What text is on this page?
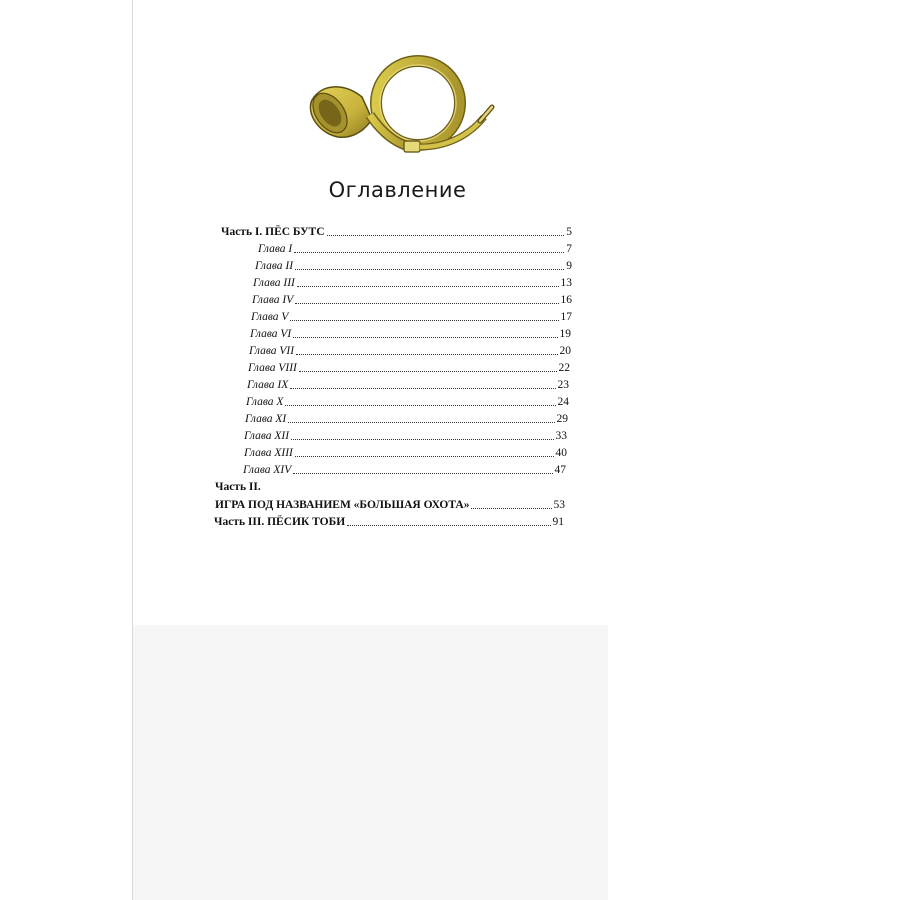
Оглавление
Часть I. ПЁС БУТС	5
Глава I	7
Глава II	9
Глава III	13
Глава IV	16
Глава V	17
Глава VI	19
Глава VII	20
Глава VIII	22
Глава IX	23
Глава X	24
Глава XI	29
Глава XII	33
Глава XIII	40
Глава XIV	47
Часть II.
ИГРА ПОД НАЗВАНИЕМ «БОЛЬШАЯ ОХОТА»	53
Часть III. ПЁСИК ТОБИ	91
